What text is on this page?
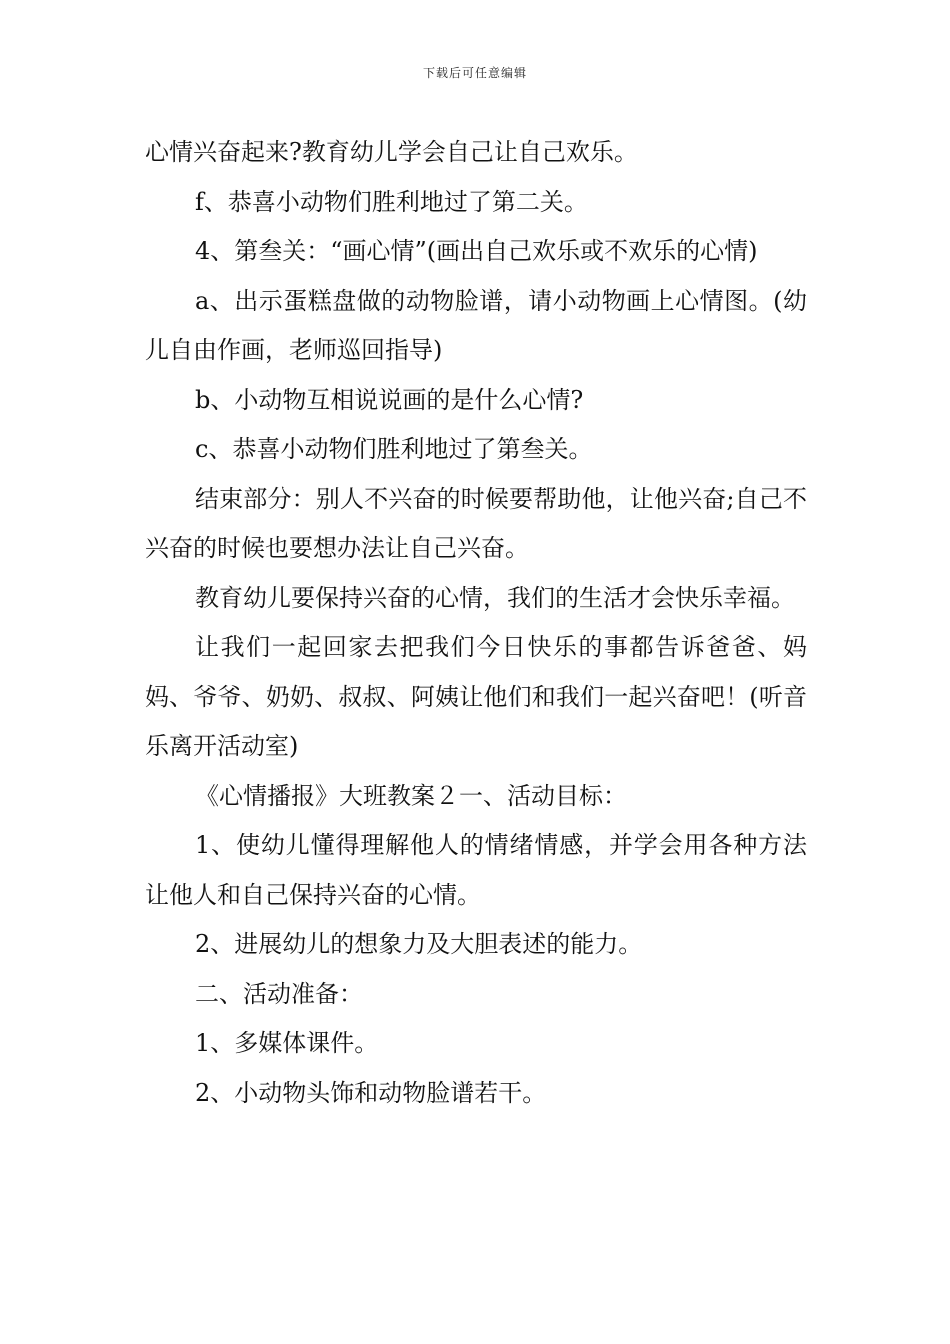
下载后可任意编辑

心情兴奋起来?教育幼儿学会自己让自己欢乐。

f、恭喜小动物们胜利地过了第二关。

4、第叁关：“画心情”(画出自己欢乐或不欢乐的心情)

a、出示蛋糕盘做的动物脸谱，请小动物画上心情图。(幼儿自由作画，老师巡回指导)

b、小动物互相说说画的是什么心情?

c、恭喜小动物们胜利地过了第叁关。

结束部分：别人不兴奋的时候要帮助他，让他兴奋;自己不兴奋的时候也要想办法让自己兴奋。

教育幼儿要保持兴奋的心情，我们的生活才会快乐幸福。

让我们一起回家去把我们今日快乐的事都告诉爸爸、妈妈、爷爷、奶奶、叔叔、阿姨让他们和我们一起兴奋吧！(听音乐离开活动室)

《心情播报》大班教案２一、活动目标：

1、使幼儿懂得理解他人的情绪情感，并学会用各种方法让他人和自己保持兴奋的心情。

2、进展幼儿的想象力及大胆表述的能力。

二、活动准备：

1、多媒体课件。

2、小动物头饰和动物脸谱若干。
